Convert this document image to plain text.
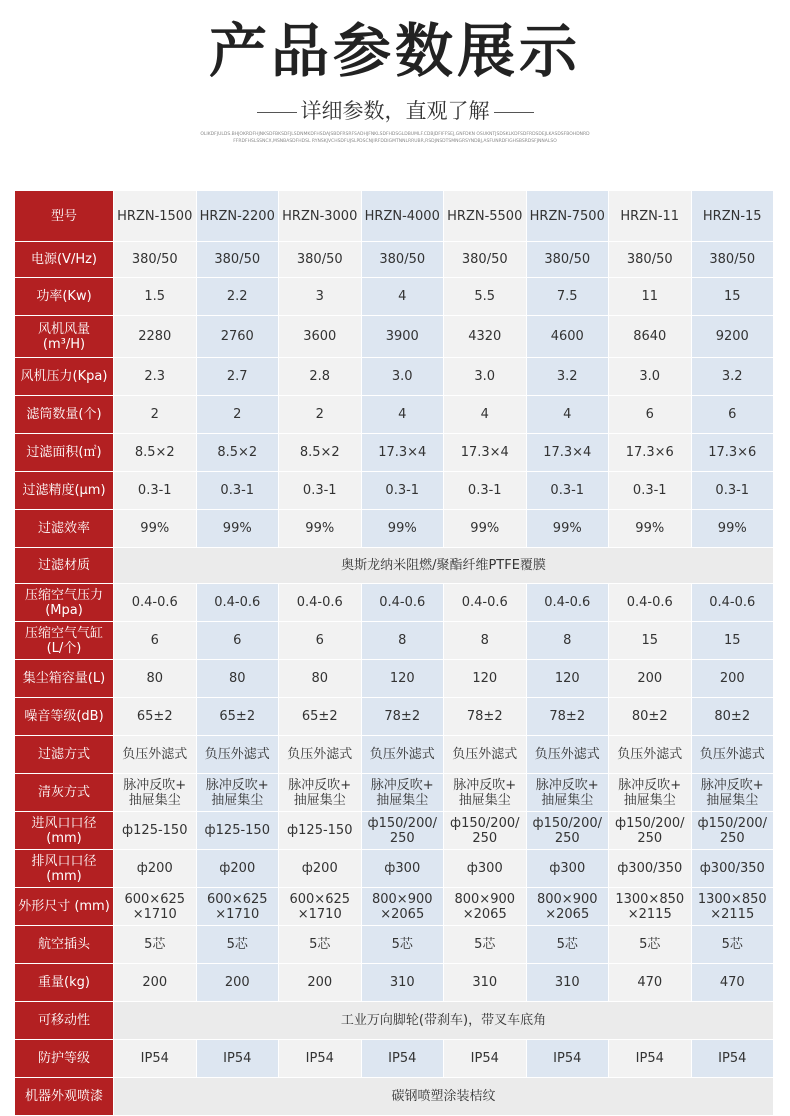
产品参数展示
详细参数，直观了解
OLIKDFJULDS.BHJOKRDFHJNKSDFBKSDFJLSDNMKDFHSDAJSBDFRSRFSADHJFNKLSDFHDSGLDBUMLF.CDBJDFIFFSEJ,GNFDKN OSUKNTJSDSKLKDFSDFRDSDEJLKASDSFBOHDNRDFFRDFHSLSSNCX,MSNBASDFHDSL RYNSKJVCHSDFUJSLPDSCNJIRFDDIGMTNNLRRUBR,RSDJNSDTSMNGRSYNDBJ,ASFUNRDFIGHSBSRDSFJNNALSO
型号	HRZN-1500	HRZN-2200	HRZN-3000	HRZN-4000	HRZN-5500	HRZN-7500	HRZN-11	HRZN-15
电源(V/Hz)	380/50	380/50	380/50	380/50	380/50	380/50	380/50	380/50
功率(Kw)	1.5	2.2	3	4	5.5	7.5	11	15
风机风量 (m³/H)	2280	2760	3600	3900	4320	4600	8640	9200
风机压力(Kpa)	2.3	2.7	2.8	3.0	3.0	3.2	3.0	3.2
滤筒数量(个)	2	2	2	4	4	4	6	6
过滤面积(㎡)	8.5×2	8.5×2	8.5×2	17.3×4	17.3×4	17.3×4	17.3×6	17.3×6
过滤精度(μm)	0.3-1	0.3-1	0.3-1	0.3-1	0.3-1	0.3-1	0.3-1	0.3-1
过滤效率	99%	99%	99%	99%	99%	99%	99%	99%
过滤材质	奥斯龙纳米阻燃/聚酯纤维PTFE覆膜							
压缩空气压力 (Mpa)	0.4-0.6	0.4-0.6	0.4-0.6	0.4-0.6	0.4-0.6	0.4-0.6	0.4-0.6	0.4-0.6
压缩空气气缸 (L/个)	6	6	6	8	8	8	15	15
集尘箱容量(L)	80	80	80	120	120	120	200	200
噪音等级(dB)	65±2	65±2	65±2	78±2	78±2	78±2	80±2	80±2
过滤方式	负压外滤式	负压外滤式	负压外滤式	负压外滤式	负压外滤式	负压外滤式	负压外滤式	负压外滤式
清灰方式	脉冲反吹+ 抽屉集尘	脉冲反吹+ 抽屉集尘	脉冲反吹+ 抽屉集尘	脉冲反吹+ 抽屉集尘	脉冲反吹+ 抽屉集尘	脉冲反吹+ 抽屉集尘	脉冲反吹+ 抽屉集尘	脉冲反吹+ 抽屉集尘
进风口口径 (mm)	ф125-150	ф125-150	ф125-150	ф150/200/ 250	ф150/200/ 250	ф150/200/ 250	ф150/200/ 250	ф150/200/ 250
排风口口径 (mm)	ф200	ф200	ф200	ф300	ф300	ф300	ф300/350	ф300/350
外形尺寸 (mm)	600×625 ×1710	600×625 ×1710	600×625 ×1710	800×900 ×2065	800×900 ×2065	800×900 ×2065	1300×850 ×2115	1300×850 ×2115
航空插头	5芯	5芯	5芯	5芯	5芯	5芯	5芯	5芯
重量(kg)	200	200	200	310	310	310	470	470
可移动性	工业万向脚轮(带刹车)，带叉车底角							
防护等级	IP54	IP54	IP54	IP54	IP54	IP54	IP54	IP54
机器外观喷漆	碳钢喷塑涂装桔纹							
